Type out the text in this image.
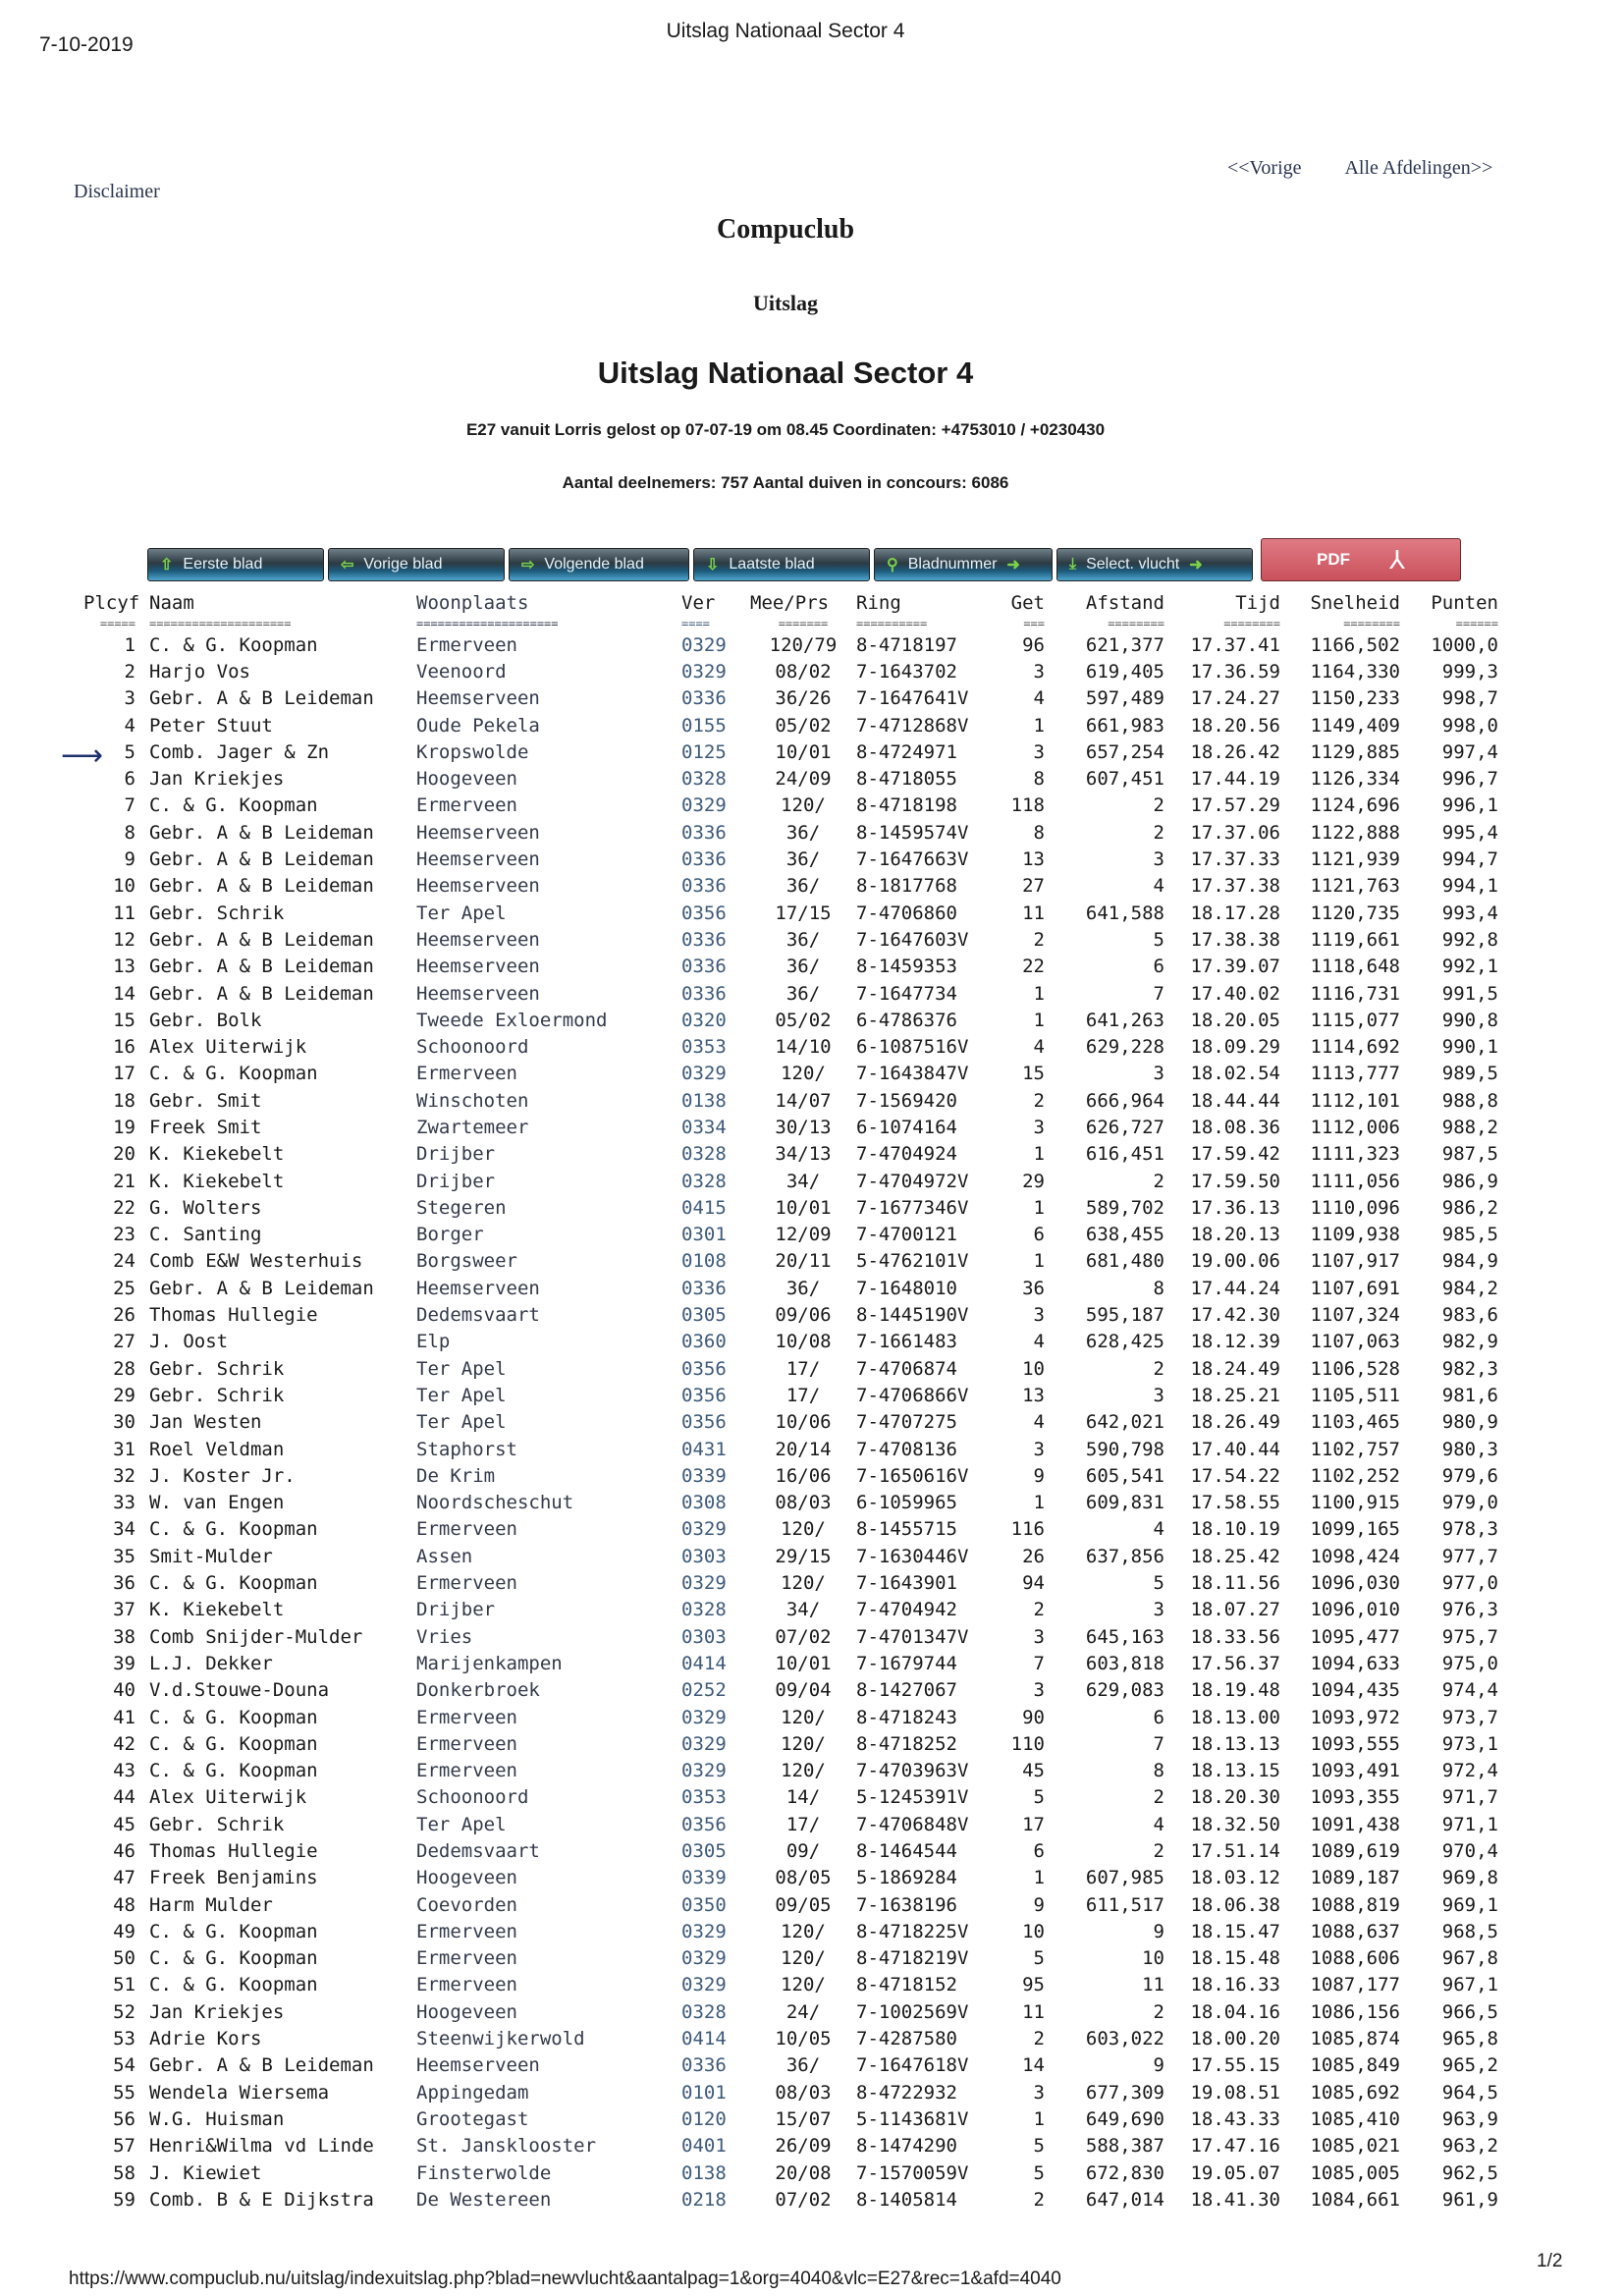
7-10-2019
Uitslag Nationaal Sector 4
Disclaimer
<<Vorige Alle Afdelingen>>
Compuclub
Uitslag
Uitslag Nationaal Sector 4
E27 vanuit Lorris gelost op 07-07-19 om 08.45 Coordinaten: +4753010 / +0230430
Aantal deelnemers: 757 Aantal duiven in concours: 6086
⇧ Eerste blad	⇦ Vorige blad	⇨ Volgende blad	⇩ Laatste blad	⚲ Bladnummer ➜	⤓ Select. vlucht ➜	PDF ⅄
⟶
Plcyf Naam	Woonplaats	Ver	Mee/Prs	Ring	Get	Afstand	Tijd	Snelheid	Punten
=====	====================	====================	====	=======	==========	===	========	========	========	======
1 C. & G. Koopman	Ermerveen	0329	120/79	8-4718197	96	621,377	17.37.41	1166,502	1000,0
2 Harjo Vos	Veenoord	0329	08/02	7-1643702	3	619,405	17.36.59	1164,330	999,3
3 Gebr. A & B Leideman	Heemserveen	0336	36/26	7-1647641V	4	597,489	17.24.27	1150,233	998,7
4 Peter Stuut	Oude Pekela	0155	05/02	7-4712868V	1	661,983	18.20.56	1149,409	998,0
5 Comb. Jager & Zn	Kropswolde	0125	10/01	8-4724971	3	657,254	18.26.42	1129,885	997,4
6 Jan Kriekjes	Hoogeveen	0328	24/09	8-4718055	8	607,451	17.44.19	1126,334	996,7
7 C. & G. Koopman	Ermerveen	0329	120/	8-4718198	118	2	17.57.29	1124,696	996,1
8 Gebr. A & B Leideman	Heemserveen	0336	36/	8-1459574V	8	2	17.37.06	1122,888	995,4
9 Gebr. A & B Leideman	Heemserveen	0336	36/	7-1647663V	13	3	17.37.33	1121,939	994,7
10 Gebr. A & B Leideman	Heemserveen	0336	36/	8-1817768	27	4	17.37.38	1121,763	994,1
11 Gebr. Schrik	Ter Apel	0356	17/15	7-4706860	11	641,588	18.17.28	1120,735	993,4
12 Gebr. A & B Leideman	Heemserveen	0336	36/	7-1647603V	2	5	17.38.38	1119,661	992,8
13 Gebr. A & B Leideman	Heemserveen	0336	36/	8-1459353	22	6	17.39.07	1118,648	992,1
14 Gebr. A & B Leideman	Heemserveen	0336	36/	7-1647734	1	7	17.40.02	1116,731	991,5
15 Gebr. Bolk	Tweede Exloermond	0320	05/02	6-4786376	1	641,263	18.20.05	1115,077	990,8
16 Alex Uiterwijk	Schoonoord	0353	14/10	6-1087516V	4	629,228	18.09.29	1114,692	990,1
17 C. & G. Koopman	Ermerveen	0329	120/	7-1643847V	15	3	18.02.54	1113,777	989,5
18 Gebr. Smit	Winschoten	0138	14/07	7-1569420	2	666,964	18.44.44	1112,101	988,8
19 Freek Smit	Zwartemeer	0334	30/13	6-1074164	3	626,727	18.08.36	1112,006	988,2
20 K. Kiekebelt	Drijber	0328	34/13	7-4704924	1	616,451	17.59.42	1111,323	987,5
21 K. Kiekebelt	Drijber	0328	34/	7-4704972V	29	2	17.59.50	1111,056	986,9
22 G. Wolters	Stegeren	0415	10/01	7-1677346V	1	589,702	17.36.13	1110,096	986,2
23 C. Santing	Borger	0301	12/09	7-4700121	6	638,455	18.20.13	1109,938	985,5
24 Comb E&W Westerhuis	Borgsweer	0108	20/11	5-4762101V	1	681,480	19.00.06	1107,917	984,9
25 Gebr. A & B Leideman	Heemserveen	0336	36/	7-1648010	36	8	17.44.24	1107,691	984,2
26 Thomas Hullegie	Dedemsvaart	0305	09/06	8-1445190V	3	595,187	17.42.30	1107,324	983,6
27 J. Oost	Elp	0360	10/08	7-1661483	4	628,425	18.12.39	1107,063	982,9
28 Gebr. Schrik	Ter Apel	0356	17/	7-4706874	10	2	18.24.49	1106,528	982,3
29 Gebr. Schrik	Ter Apel	0356	17/	7-4706866V	13	3	18.25.21	1105,511	981,6
30 Jan Westen	Ter Apel	0356	10/06	7-4707275	4	642,021	18.26.49	1103,465	980,9
31 Roel Veldman	Staphorst	0431	20/14	7-4708136	3	590,798	17.40.44	1102,757	980,3
32 J. Koster Jr.	De Krim	0339	16/06	7-1650616V	9	605,541	17.54.22	1102,252	979,6
33 W. van Engen	Noordscheschut	0308	08/03	6-1059965	1	609,831	17.58.55	1100,915	979,0
34 C. & G. Koopman	Ermerveen	0329	120/	8-1455715	116	4	18.10.19	1099,165	978,3
35 Smit-Mulder	Assen	0303	29/15	7-1630446V	26	637,856	18.25.42	1098,424	977,7
36 C. & G. Koopman	Ermerveen	0329	120/	7-1643901	94	5	18.11.56	1096,030	977,0
37 K. Kiekebelt	Drijber	0328	34/	7-4704942	2	3	18.07.27	1096,010	976,3
38 Comb Snijder-Mulder	Vries	0303	07/02	7-4701347V	3	645,163	18.33.56	1095,477	975,7
39 L.J. Dekker	Marijenkampen	0414	10/01	7-1679744	7	603,818	17.56.37	1094,633	975,0
40 V.d.Stouwe-Douna	Donkerbroek	0252	09/04	8-1427067	3	629,083	18.19.48	1094,435	974,4
41 C. & G. Koopman	Ermerveen	0329	120/	8-4718243	90	6	18.13.00	1093,972	973,7
42 C. & G. Koopman	Ermerveen	0329	120/	8-4718252	110	7	18.13.13	1093,555	973,1
43 C. & G. Koopman	Ermerveen	0329	120/	7-4703963V	45	8	18.13.15	1093,491	972,4
44 Alex Uiterwijk	Schoonoord	0353	14/	5-1245391V	5	2	18.20.30	1093,355	971,7
45 Gebr. Schrik	Ter Apel	0356	17/	7-4706848V	17	4	18.32.50	1091,438	971,1
46 Thomas Hullegie	Dedemsvaart	0305	09/	8-1464544	6	2	17.51.14	1089,619	970,4
47 Freek Benjamins	Hoogeveen	0339	08/05	5-1869284	1	607,985	18.03.12	1089,187	969,8
48 Harm Mulder	Coevorden	0350	09/05	7-1638196	9	611,517	18.06.38	1088,819	969,1
49 C. & G. Koopman	Ermerveen	0329	120/	8-4718225V	10	9	18.15.47	1088,637	968,5
50 C. & G. Koopman	Ermerveen	0329	120/	8-4718219V	5	10	18.15.48	1088,606	967,8
51 C. & G. Koopman	Ermerveen	0329	120/	8-4718152	95	11	18.16.33	1087,177	967,1
52 Jan Kriekjes	Hoogeveen	0328	24/	7-1002569V	11	2	18.04.16	1086,156	966,5
53 Adrie Kors	Steenwijkerwold	0414	10/05	7-4287580	2	603,022	18.00.20	1085,874	965,8
54 Gebr. A & B Leideman	Heemserveen	0336	36/	7-1647618V	14	9	17.55.15	1085,849	965,2
55 Wendela Wiersema	Appingedam	0101	08/03	8-4722932	3	677,309	19.08.51	1085,692	964,5
56 W.G. Huisman	Grootegast	0120	15/07	5-1143681V	1	649,690	18.43.33	1085,410	963,9
57 Henri&Wilma vd Linde	St. Jansklooster	0401	26/09	8-1474290	5	588,387	17.47.16	1085,021	963,2
58 J. Kiewiet	Finsterwolde	0138	20/08	7-1570059V	5	672,830	19.05.07	1085,005	962,5
59 Comb. B & E Dijkstra	De Westereen	0218	07/02	8-1405814	2	647,014	18.41.30	1084,661	961,9
https://www.compuclub.nu/uitslag/indexuitslag.php?blad=newvlucht&aantalpag=1&org=4040&vlc=E27&rec=1&afd=4040
1/2
